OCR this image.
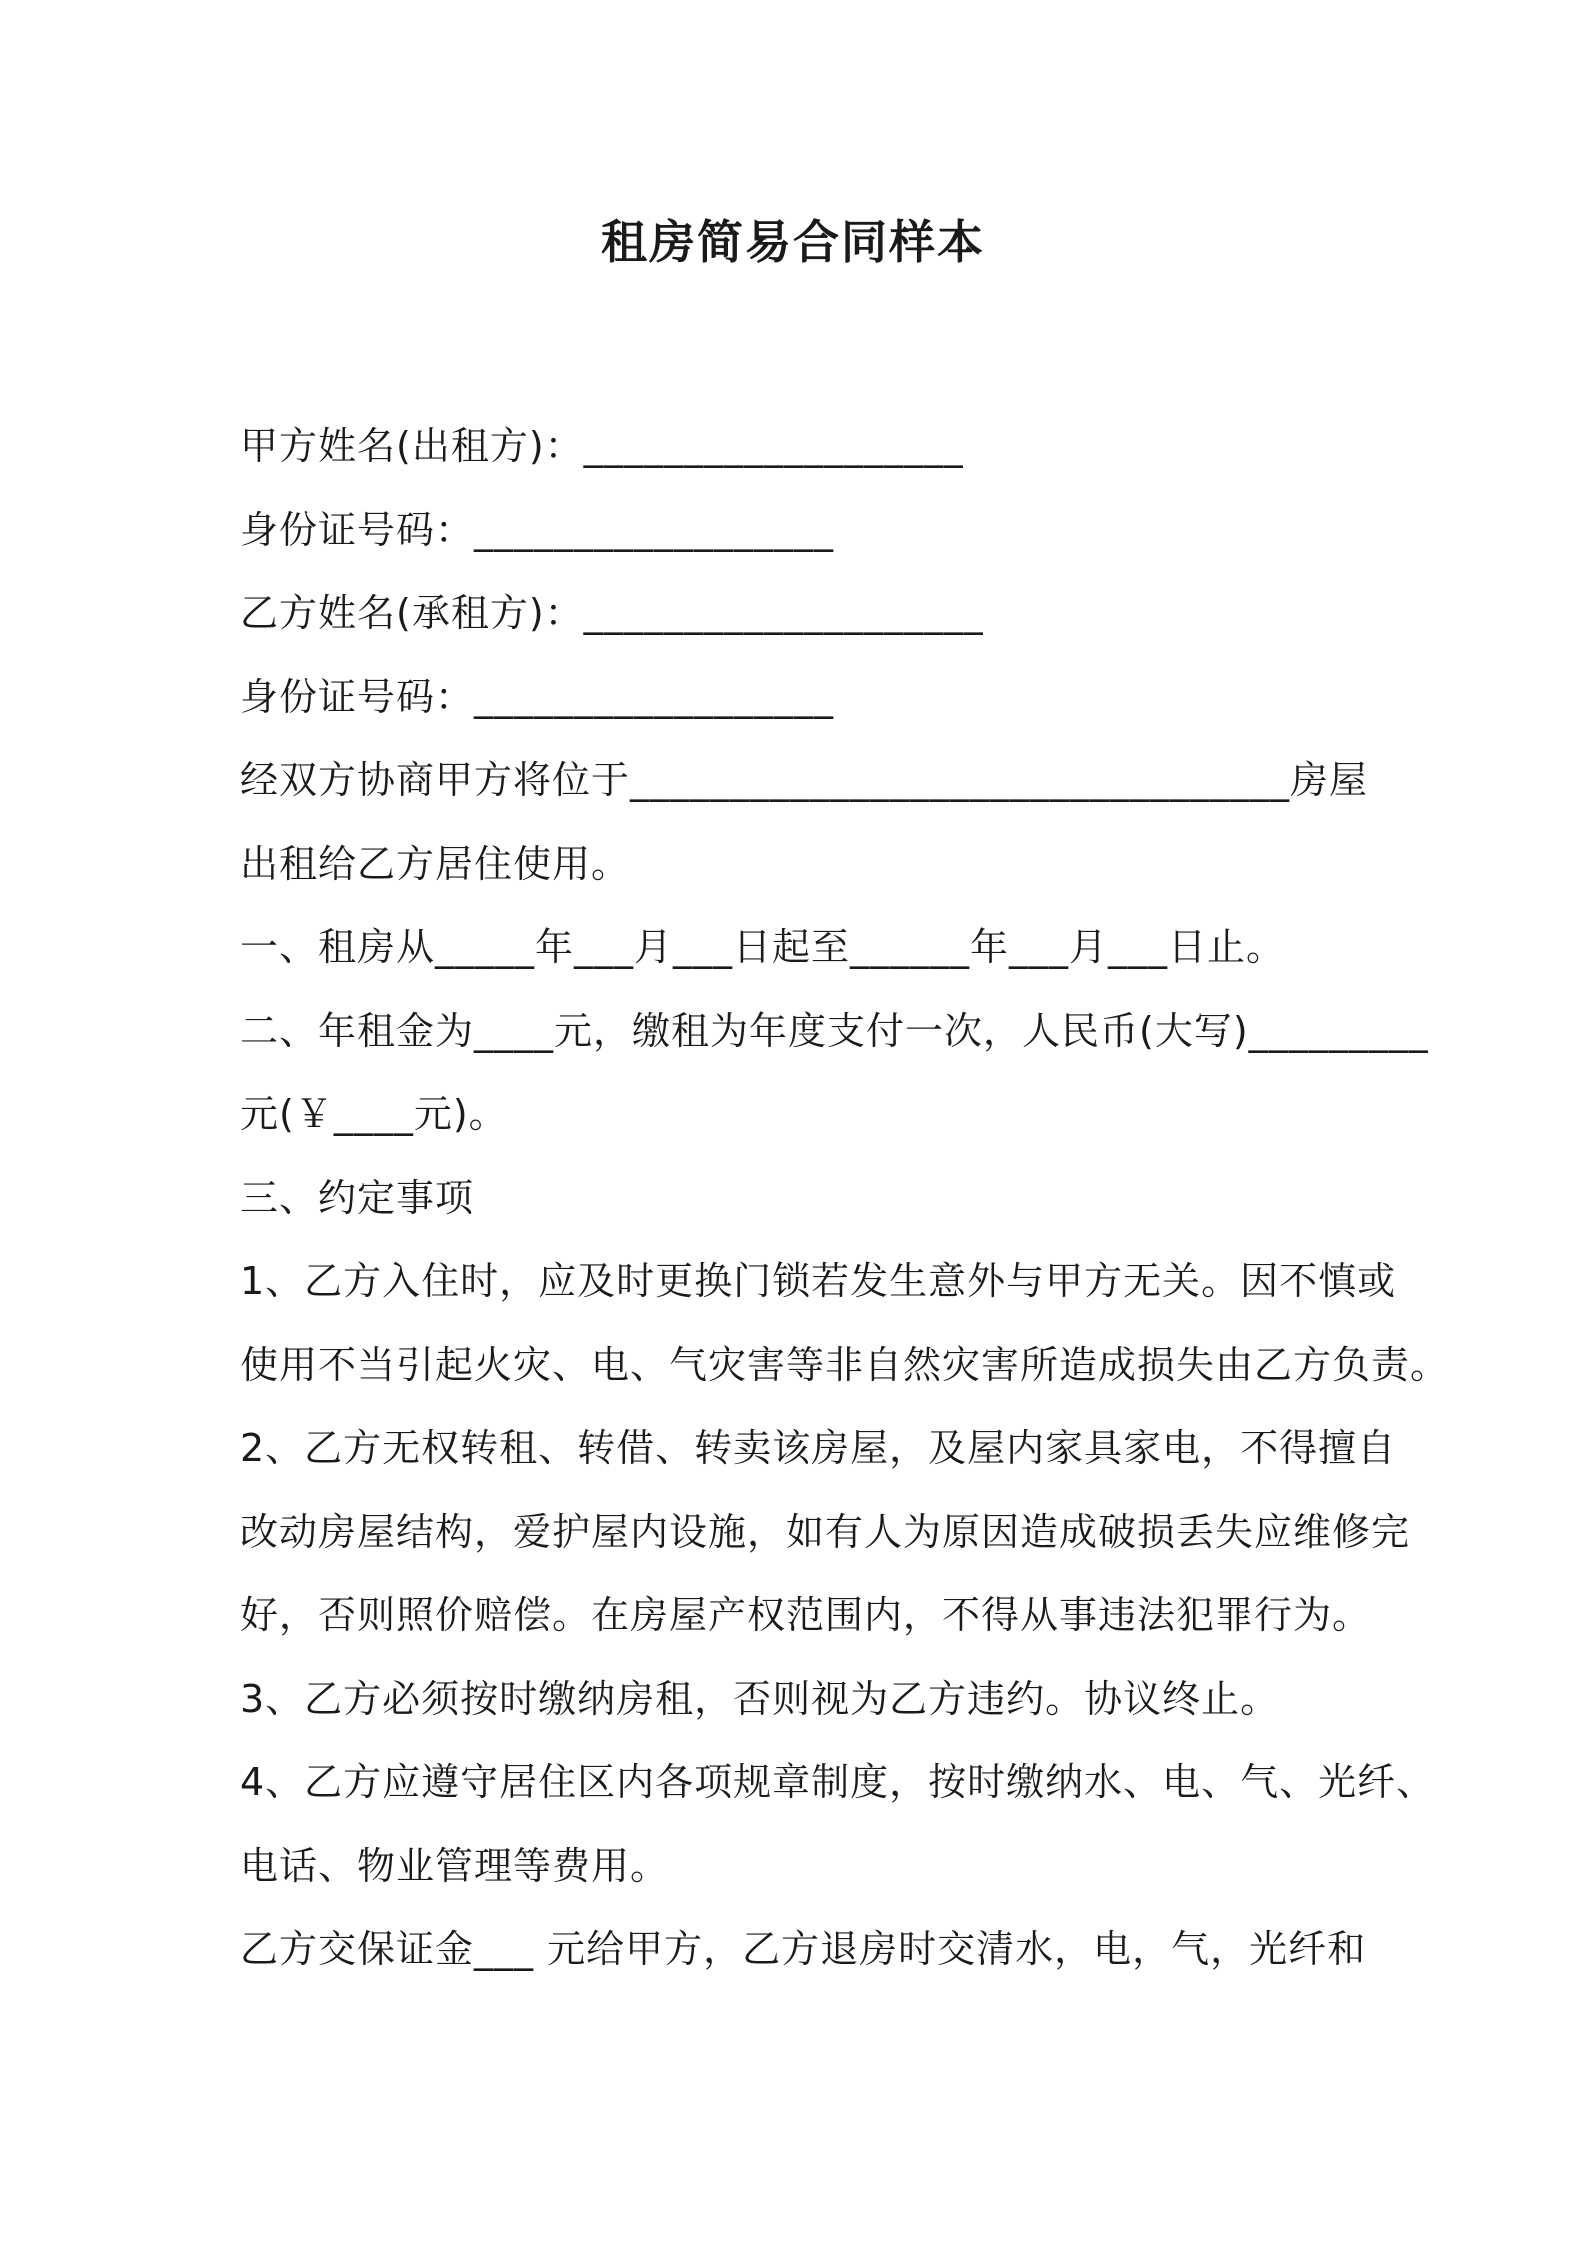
租房简易合同样本
甲方姓名(出租方)：___________________
身份证号码：__________________
乙方姓名(承租方)：____________________
身份证号码：__________________
经双方协商甲方将位于_________________________________房屋
出租给乙方居住使用。
一、租房从_____年___月___日起至______年___月___日止。
二、年租金为____元，缴租为年度支付一次，人民币(大写)_________
元(￥____元)。
三、约定事项
1、乙方入住时，应及时更换门锁若发生意外与甲方无关。因不慎或
使用不当引起火灾、电、气灾害等非自然灾害所造成损失由乙方负责。
2、乙方无权转租、转借、转卖该房屋，及屋内家具家电，不得擅自
改动房屋结构，爱护屋内设施，如有人为原因造成破损丢失应维修完
好，否则照价赔偿。在房屋产权范围内，不得从事违法犯罪行为。
3、乙方必须按时缴纳房租，否则视为乙方违约。协议终止。
4、乙方应遵守居住区内各项规章制度，按时缴纳水、电、气、光纤、
电话、物业管理等费用。
乙方交保证金___ 元给甲方，乙方退房时交清水，电，气，光纤和
